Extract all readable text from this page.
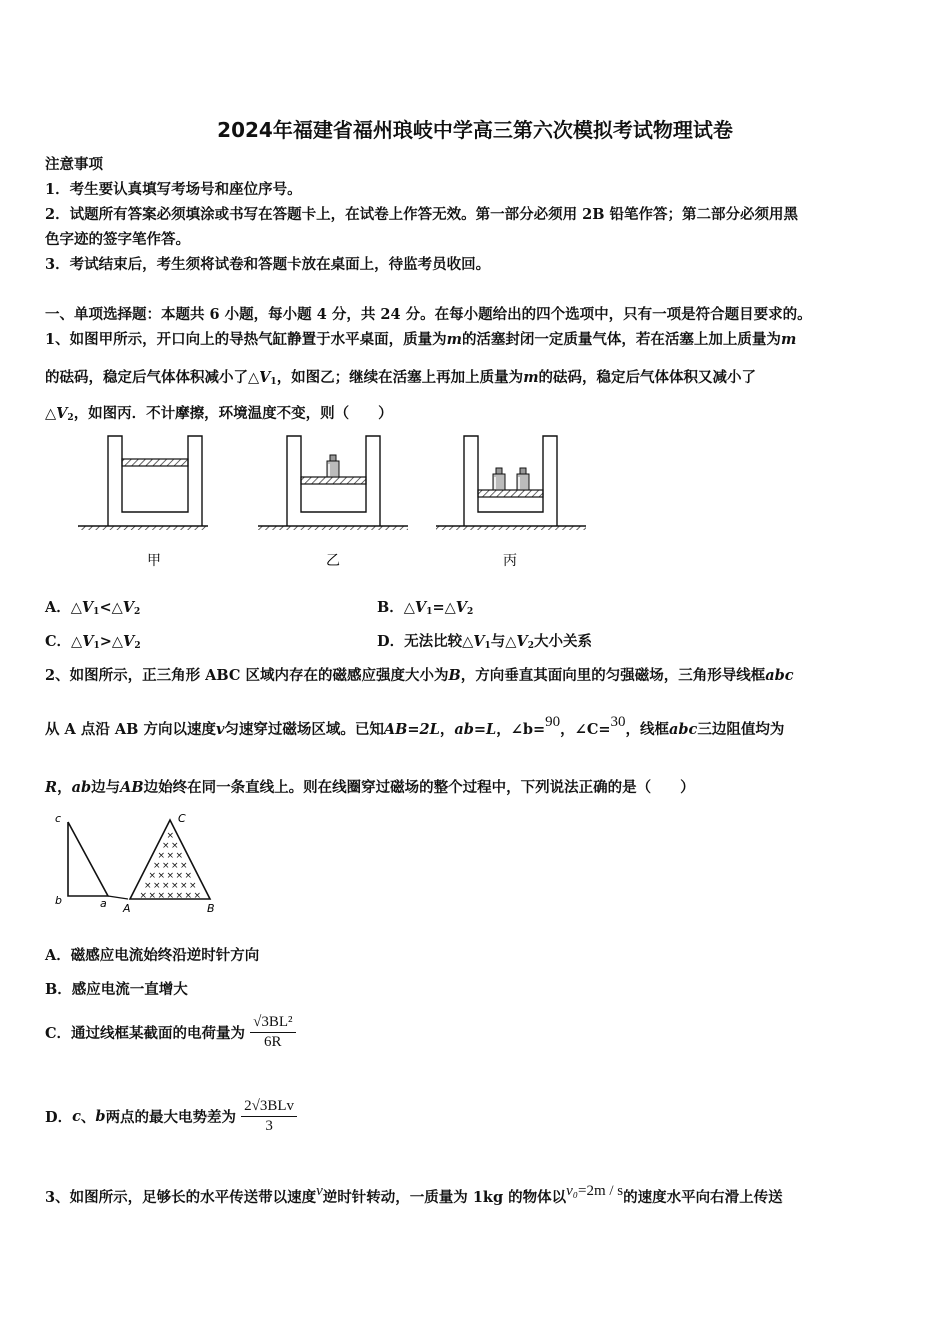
2024年福建省福州琅岐中学高三第六次模拟考试物理试卷
注意事项
1．考生要认真填写考场号和座位序号。
2．试题所有答案必须填涂或书写在答题卡上，在试卷上作答无效。第一部分必须用 2B 铅笔作答；第二部分必须用黑
色字迹的签字笔作答。
3．考试结束后，考生须将试卷和答题卡放在桌面上，待监考员收回。
一、单项选择题：本题共 6 小题，每小题 4 分，共 24 分。在每小题给出的四个选项中，只有一项是符合题目要求的。
1、如图甲所示，开口向上的导热气缸静置于水平桌面，质量为m的活塞封闭一定质量气体，若在活塞上加上质量为m
的砝码，稳定后气体体积减小了$\triangle V_1$，如图乙；继续在活塞上再加上质量为m的砝码，稳定后气体体积又减小了
$\triangle V_2$，如图丙．不计摩擦，环境温度不变，则（　　）
甲	乙	丙
A．$\triangle V_1<\triangle V_2$	B．$\triangle V_1=\triangle V_2$
C．$\triangle V_1>\triangle V_2$	D．无法比较$\triangle V_1$与$\triangle V_2$大小关系
2、如图所示，正三角形 ABC 区域内存在的磁感应强度大小为B，方向垂直其面向里的匀强磁场，三角形导线框abc
从 A 点沿 AB 方向以速度v匀速穿过磁场区域。已知AB=2L，ab=L，∠b=90，∠C=30，线框abc三边阻值均为
R，ab边与AB边始终在同一条直线上。则在线圈穿过磁场的整个过程中，下列说法正确的是（　　）
×
× ×
× × ×
× × × ×
× × × × ×
× × × × × ×
× × × × × × ×
c	C
b	a A	B
A．磁感应电流始终沿逆时针方向
B．感应电流一直增大
C．通过线框某截面的电荷量为 $\frac{\text{√3BL²}}{6R}$
D．c、b两点的最大电势差为 $\frac{\text{2√3BLv}}{3}$
3、如图所示，足够长的水平传送带以速度v逆时针转动，一质量为 1kg 的物体以v₀=2m / s的速度水平向右滑上传送
